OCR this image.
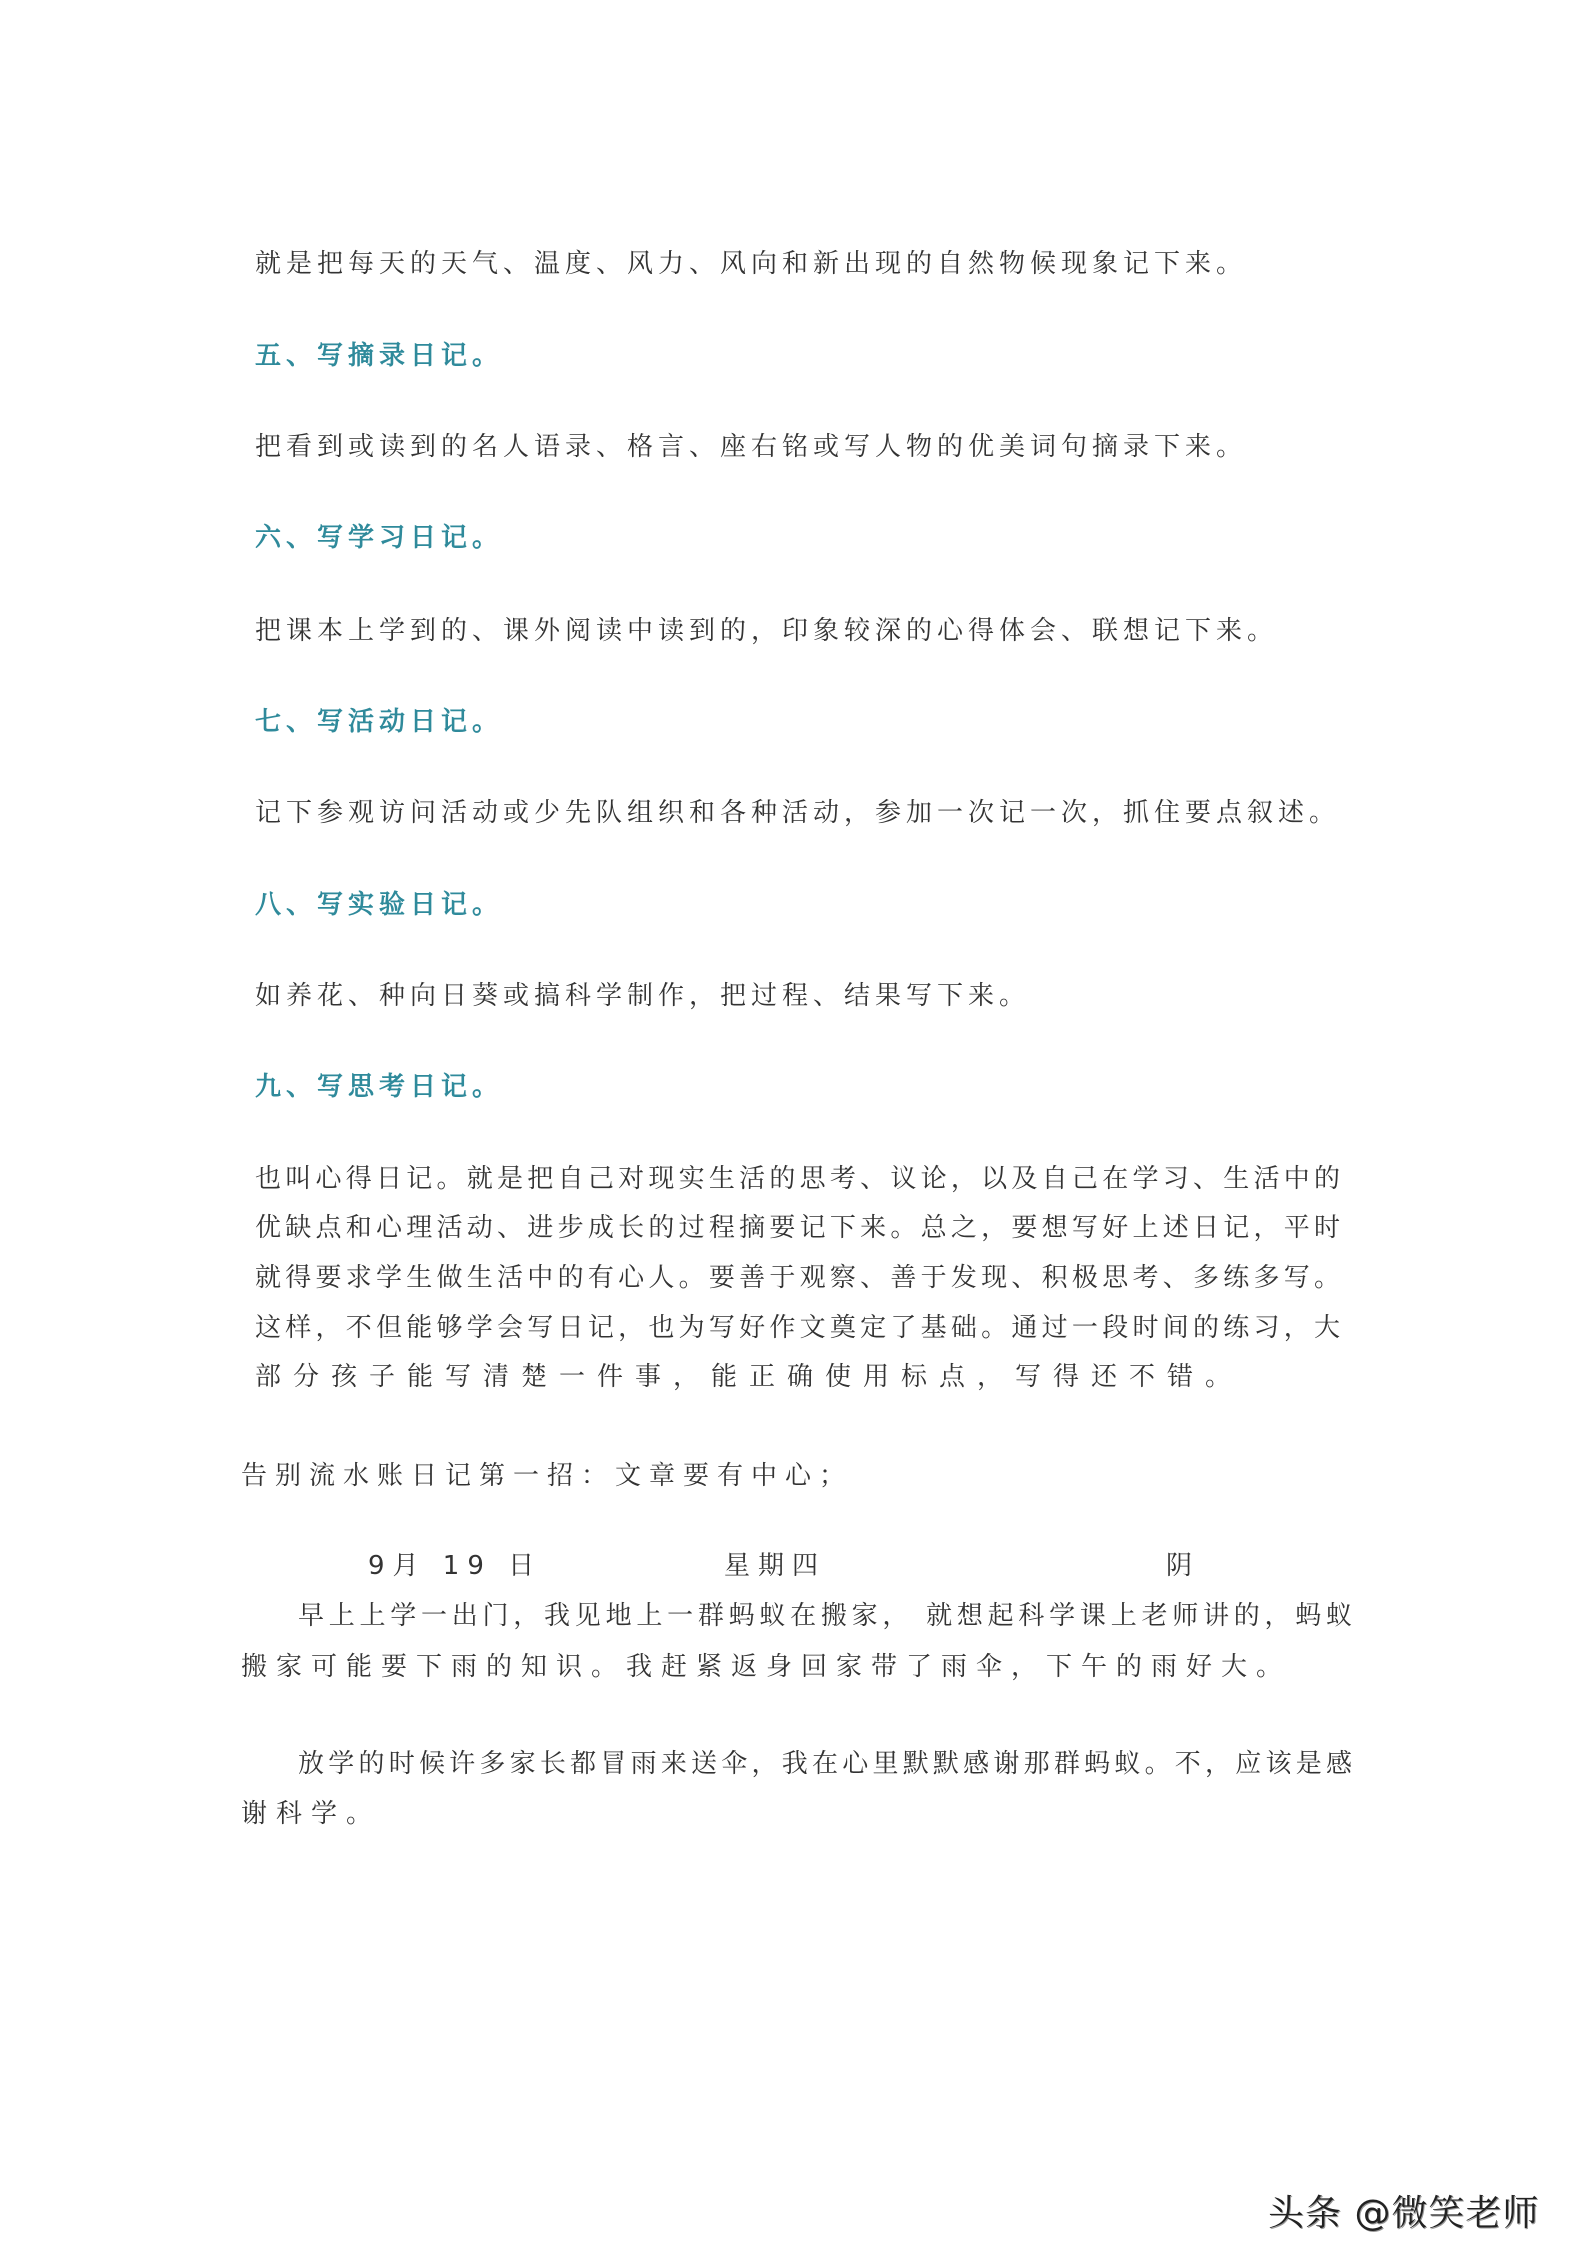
就是把每天的天气、温度、风力、风向和新出现的自然物候现象记下来。
五、写摘录日记。
把看到或读到的名人语录、格言、座右铭或写人物的优美词句摘录下来。
六、写学习日记。
把课本上学到的、课外阅读中读到的，印象较深的心得体会、联想记下来。
七、写活动日记。
记下参观访问活动或少先队组织和各种活动，参加一次记一次，抓住要点叙述。
八、写实验日记。
如养花、种向日葵或搞科学制作，把过程、结果写下来。
九、写思考日记。
也叫心得日记。就是把自己对现实生活的思考、议论，以及自己在学习、生活中的
优缺点和心理活动、进步成长的过程摘要记下来。总之，要想写好上述日记，平时
就得要求学生做生活中的有心人。要善于观察、善于发现、积极思考、多练多写。
这样，不但能够学会写日记，也为写好作文奠定了基础。通过一段时间的练习，大
部分孩子能写清楚一件事，能正确使用标点，写得还不错。
告别流水账日记第一招：文章要有中心；
9月 19 日	星期四	阴
早上上学一出门，我见地上一群蚂蚁在搬家， 就想起科学课上老师讲的，蚂蚁
搬家可能要下雨的知识。我赶紧返身回家带了雨伞，下午的雨好大。
放学的时候许多家长都冒雨来送伞，我在心里默默感谢那群蚂蚁。不，应该是感
谢科学。
头条 @微笑老师
